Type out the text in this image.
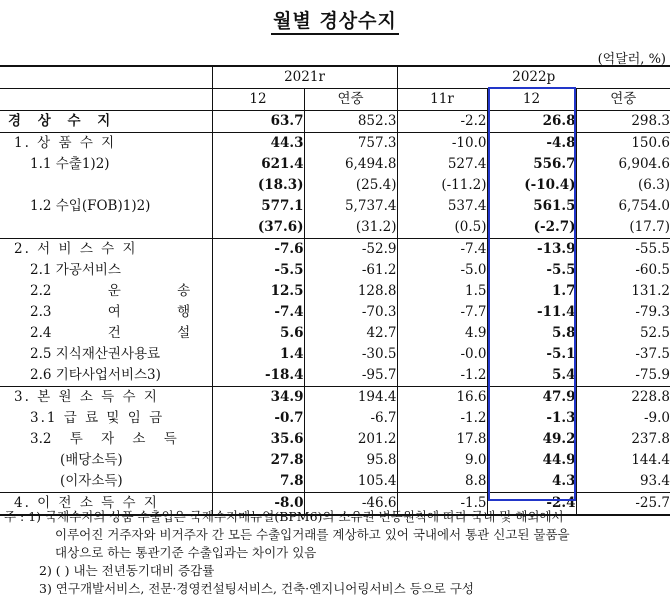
월별 경상수지
(억달러, %)
	2021r		2022p		
	12	연중	11r	12	연중
경 상 수 지	63.7	852.3	-2.2	26.8	298.3
1. 상 품 수 지	44.3	757.3	-10.0	-4.8	150.6
1.1 수출1)2)	621.4	6,494.8	527.4	556.7	6,904.6
	(18.3)	(25.4)	(-11.2)	(-10.4)	(6.3)
1.2 수입(FOB)1)2)	577.1	5,737.4	537.4	561.5	6,754.0
	(37.6)	(31.2)	(0.5)	(-2.7)	(17.7)
2. 서 비 스 수 지	-7.6	-52.9	-7.4	-13.9	-55.5
2.1 가공서비스	-5.5	-61.2	-5.0	-5.5	-60.5
2.2 운 송	12.5	128.8	1.5	1.7	131.2
2.3 여 행	-7.4	-70.3	-7.7	-11.4	-79.3
2.4 건 설	5.6	42.7	4.9	5.8	52.5
2.5 지식재산권사용료	1.4	-30.5	-0.0	-5.1	-37.5
2.6 기타사업서비스3)	-18.4	-95.7	-1.2	5.4	-75.9
3. 본 원 소 득 수 지	34.9	194.4	16.6	47.9	228.8
3.1 급 료 및 임 금	-0.7	-6.7	-1.2	-1.3	-9.0
3.2 투 자 소 득	35.6	201.2	17.8	49.2	237.8
(배당소득)	27.8	95.8	9.0	44.9	144.4
(이자소득)	7.8	105.4	8.8	4.3	93.4
4. 이 전 소 득 수 지	-8.0	-46.6	-1.5	-2.4	-25.7
주 : 1) 국제수지의 상품 수출입은 국제수지매뉴얼(BPM6)의 소유권 변동원칙에 따라 국내 및 해외에서
이루어진 거주자와 비거주자 간 모든 수출입거래를 계상하고 있어 국내에서 통관 신고된 물품을
대상으로 하는 통관기준 수출입과는 차이가 있음
2) ( ) 내는 전년동기대비 증감률
3) 연구개발서비스, 전문·경영컨설팅서비스, 건축·엔지니어링서비스 등으로 구성
